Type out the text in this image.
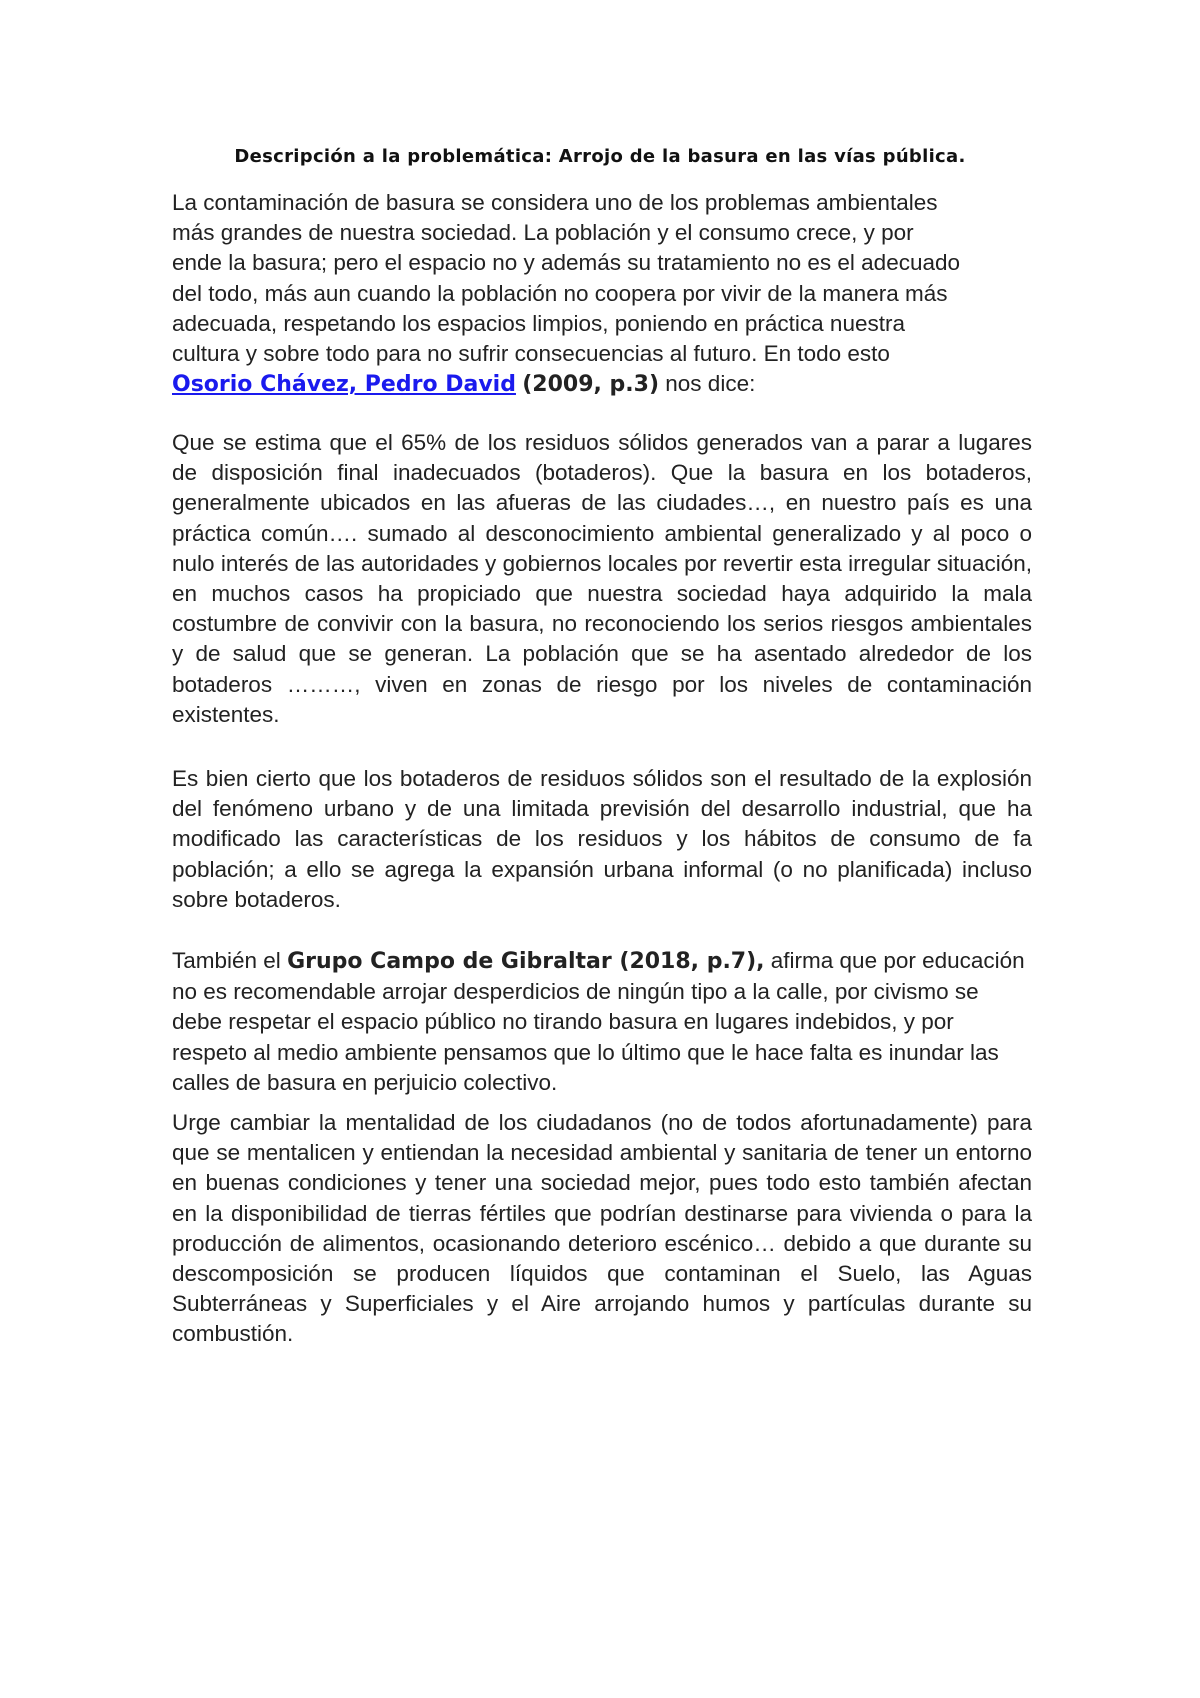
Descripción a la problemática: Arrojo de la basura en las vías pública.
La contaminación de basura se considera uno de los problemas ambientales
más grandes de nuestra sociedad. La población y el consumo crece, y por
ende la basura; pero el espacio no y además su tratamiento no es el adecuado
del todo, más aun cuando la población no coopera por vivir de la manera más
adecuada, respetando los espacios limpios, poniendo en práctica nuestra
cultura y sobre todo para no sufrir consecuencias al futuro. En todo esto
Osorio Chávez, Pedro David (2009, p.3) nos dice:

Que se estima que el 65% de los residuos sólidos generados van a parar a lugares de disposición final inadecuados (botaderos). Que la basura en los botaderos, generalmente ubicados en las afueras de las ciudades…, en nuestro país es una práctica común…. sumado al desconocimiento ambiental generalizado y al poco o nulo interés de las autoridades y gobiernos locales por revertir esta irregular situación, en muchos casos ha propiciado que nuestra sociedad haya adquirido la mala costumbre de convivir con la basura, no reconociendo los serios riesgos ambientales y de salud que se generan. La población que se ha asentado alrededor de los botaderos ………, viven en zonas de riesgo por los niveles de contaminación existentes.

Es bien cierto que los botaderos de residuos sólidos son el resultado de la explosión del fenómeno urbano y de una limitada previsión del desarrollo industrial, que ha modificado las características de los residuos y los hábitos de consumo de fa población; a ello se agrega la expansión urbana informal (o no planificada) incluso sobre botaderos.

También el Grupo Campo de Gibraltar (2018, p.7), afirma que por educación no es recomendable arrojar desperdicios de ningún tipo a la calle, por civismo se debe respetar el espacio público no tirando basura en lugares indebidos, y por respeto al medio ambiente pensamos que lo último que le hace falta es inundar las calles de basura en perjuicio colectivo.

Urge cambiar la mentalidad de los ciudadanos (no de todos afortunadamente) para que se mentalicen y entiendan la necesidad ambiental y sanitaria de tener un entorno en buenas condiciones y tener una sociedad mejor, pues todo esto también afectan en la disponibilidad de tierras fértiles que podrían destinarse para vivienda o para la producción de alimentos, ocasionando deterioro escénico… debido a que durante su descomposición se producen líquidos que contaminan el Suelo, las Aguas Subterráneas y Superficiales y el Aire arrojando humos y partículas durante su combustión.
